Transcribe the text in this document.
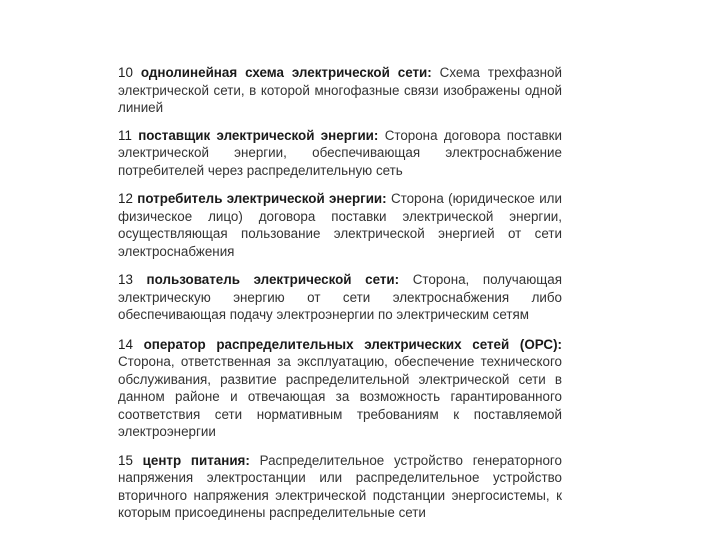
10 однолинейная схема электрической сети: Схема трехфазной электрической сети, в которой многофазные связи изображены одной линией

11 поставщик электрической энергии: Сторона договора поставки электрической энергии, обеспечивающая электроснабжение потребителей через распределительную сеть

12 потребитель электрической энергии: Сторона (юридическое или физическое лицо) договора поставки электрической энергии, осуществляющая пользование электрической энергией от сети электроснабжения

13 пользователь электрической сети: Сторона, получающая электрическую энергию от сети электроснабжения либо обеспечивающая подачу электроэнергии по электрическим сетям

14 оператор распределительных электрических сетей (ОРС): Сторона, ответственная за эксплуатацию, обеспечение технического обслуживания, развитие распределительной электрической сети в данном районе и отвечающая за возможность гарантированного соответствия сети нормативным требованиям к поставляемой электроэнергии

15 центр питания: Распределительное устройство генераторного напряжения электростанции или распределительное устройство вторичного напряжения электрической подстанции энергосистемы, к которым присоединены распределительные сети
